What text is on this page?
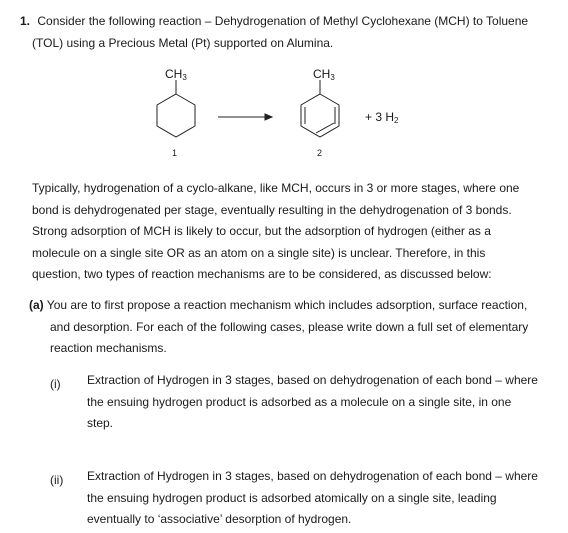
1. Consider the following reaction – Dehydrogenation of Methyl Cyclohexane (MCH) to Toluene
(TOL) using a Precious Metal (Pt) supported on Alumina.
$CH_3$	$CH_3$
+ 3 $H_2$
1	2
Typically, hydrogenation of a cyclo-alkane, like MCH, occurs in 3 or more stages, where one
bond is dehydrogenated per stage, eventually resulting in the dehydrogenation of 3 bonds.
Strong adsorption of MCH is likely to occur, but the adsorption of hydrogen (either as a
molecule on a single site OR as an atom on a single site) is unclear. Therefore, in this
question, two types of reaction mechanisms are to be considered, as discussed below:
(a) You are to first propose a reaction mechanism which includes adsorption, surface reaction,
and desorption. For each of the following cases, please write down a full set of elementary
reaction mechanisms.
(i) Extraction of Hydrogen in 3 stages, based on dehydrogenation of each bond – where
the ensuing hydrogen product is adsorbed as a molecule on a single site, in one
step.
(ii) Extraction of Hydrogen in 3 stages, based on dehydrogenation of each bond – where
the ensuing hydrogen product is adsorbed atomically on a single site, leading
eventually to ‘associative’ desorption of hydrogen.
